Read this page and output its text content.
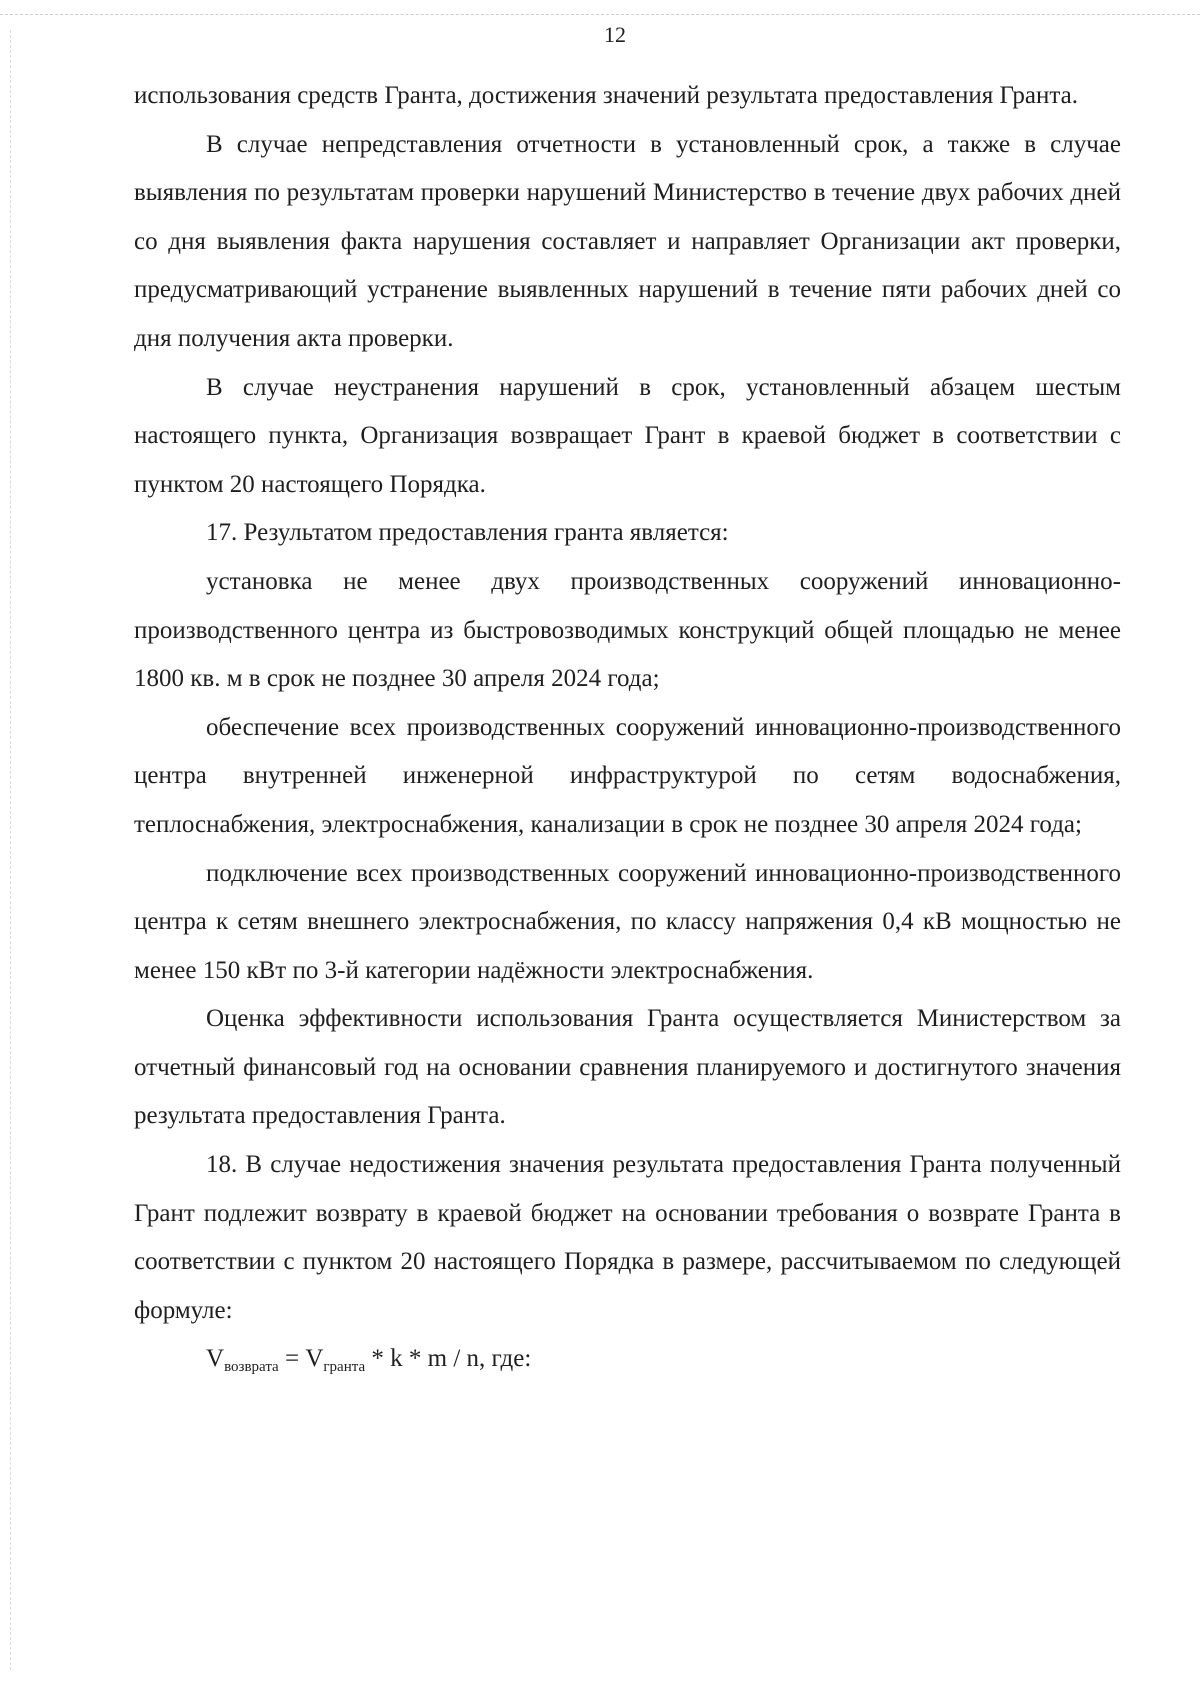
12

использования средств Гранта, достижения значений результата предоставления Гранта.

В случае непредставления отчетности в установленный срок, а также в случае выявления по результатам проверки нарушений Министерство в течение двух рабочих дней со дня выявления факта нарушения составляет и направляет Организации акт проверки, предусматривающий устранение выявленных нарушений в течение пяти рабочих дней со дня получения акта проверки.

В случае неустранения нарушений в срок, установленный абзацем шестым настоящего пункта, Организация возвращает Грант в краевой бюджет в соответствии с пунктом 20 настоящего Порядка.

17. Результатом предоставления гранта является:

установка не менее двух производственных сооружений инновационно-производственного центра из быстровозводимых конструкций общей площадью не менее 1800 кв. м в срок не позднее 30 апреля 2024 года;

обеспечение всех производственных сооружений инновационно-производственного центра внутренней инженерной инфраструктурой по сетям водоснабжения, теплоснабжения, электроснабжения, канализации в срок не позднее 30 апреля 2024 года;

подключение всех производственных сооружений инновационно-производственного центра к сетям внешнего электроснабжения, по классу напряжения 0,4 кВ мощностью не менее 150 кВт по 3-й категории надёжности электроснабжения.

Оценка эффективности использования Гранта осуществляется Министерством за отчетный финансовый год на основании сравнения планируемого и достигнутого значения результата предоставления Гранта.

18. В случае недостижения значения результата предоставления Гранта полученный Грант подлежит возврату в краевой бюджет на основании требования о возврате Гранта в соответствии с пунктом 20 настоящего Порядка в размере, рассчитываемом по следующей формуле:

$V_{возврата} = V_{гранта} * k * m / n$, где:
